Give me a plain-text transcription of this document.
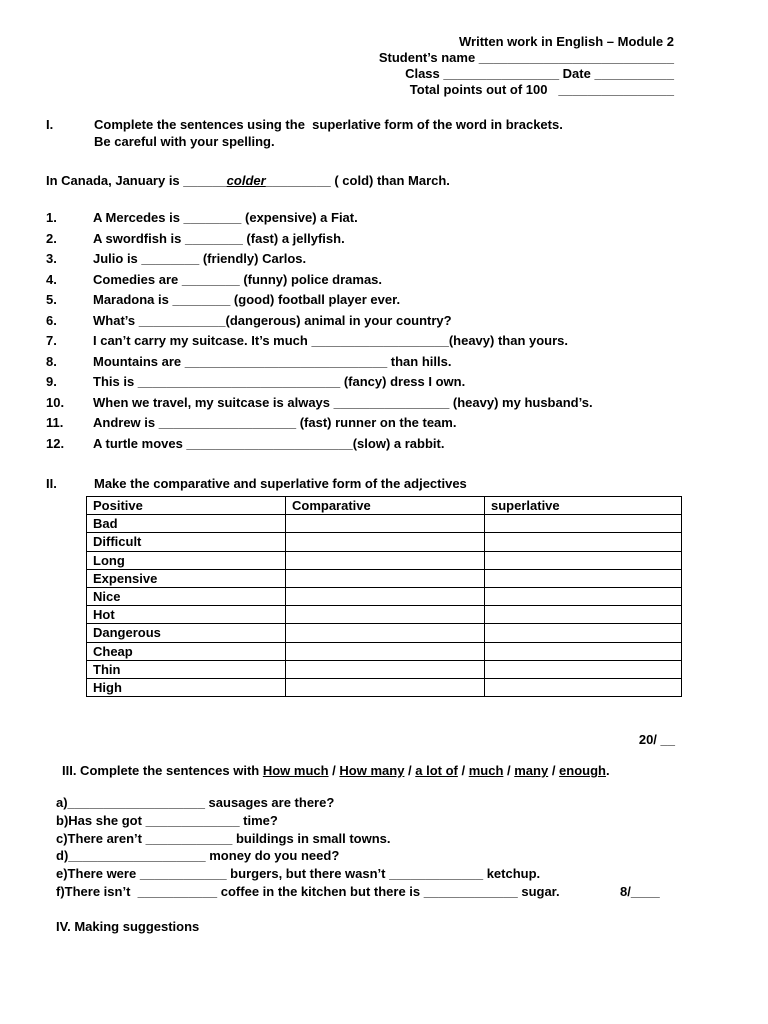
Written work in English – Module 2
Student’s name ___________________________
Class ________________ Date ___________
Total points out of 100   ________________
I.	Complete the sentences using the  superlative form of the word in brackets.
Be careful with your spelling.
In Canada, January is ______colder_________ ( cold) than March.
1.	A Mercedes is ________ (expensive) a Fiat.
2.	A swordfish is ________ (fast) a jellyfish.
3.	Julio is ________ (friendly) Carlos.
4.	Comedies are ________ (funny) police dramas.
5.	Maradona is ________ (good) football player ever.
6.	What’s ____________(dangerous) animal in your country?
7.	I can’t carry my suitcase. It’s much ___________________(heavy) than yours.
8.	Mountains are ____________________________ than hills.
9.	This is ____________________________ (fancy) dress I own.
10. When we travel, my suitcase is always ________________ (heavy) my husband’s.
11. Andrew is ___________________ (fast) runner on the team.
12. A turtle moves _______________________(slow) a rabbit.
II.	Make the comparative and superlative form of the adjectives
Positive	Comparative	superlative
Bad		
Difficult		
Long		
Expensive		
Nice		
Hot		
Dangerous		
Cheap		
Thin		
High		
20/ __
III. Complete the sentences with How much / How many / a lot of / much / many / enough.
a)___________________ sausages are there?
b)Has she got _____________ time?
c)There aren’t ____________ buildings in small towns.
d)___________________ money do you need?
e)There were ____________ burgers, but there wasn’t _____________ ketchup.
f)There isn’t  ___________ coffee in the kitchen but there is _____________ sugar.	8/____
IV. Making suggestions
